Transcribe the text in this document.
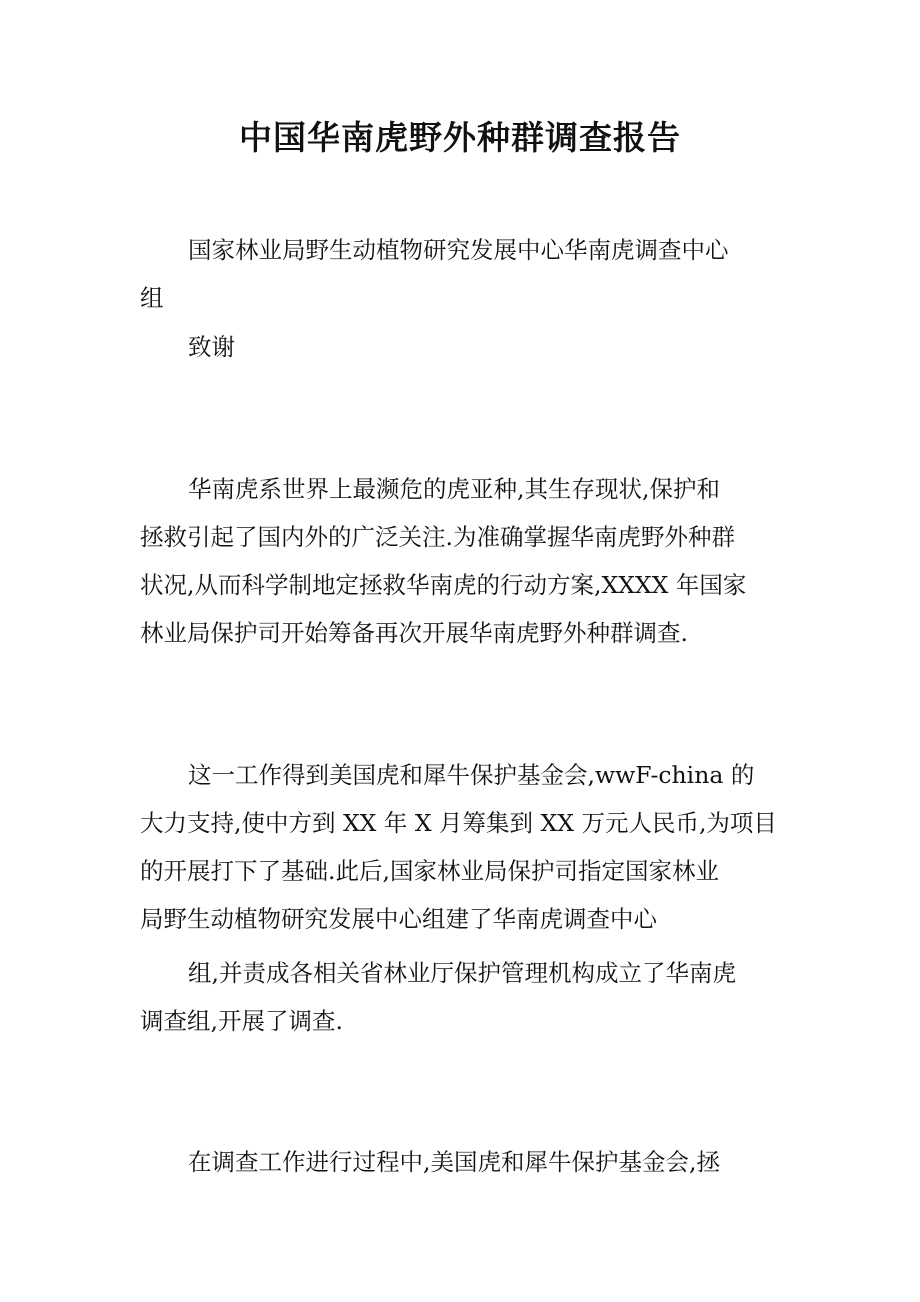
中国华南虎野外种群调查报告

国家林业局野生动植物研究发展中心华南虎调查中心
组

致谢

华南虎系世界上最濒危的虎亚种,其生存现状,保护和
拯救引起了国内外的广泛关注.为准确掌握华南虎野外种群
状况,从而科学制地定拯救华南虎的行动方案,XXXX 年国家
林业局保护司开始筹备再次开展华南虎野外种群调查.

这一工作得到美国虎和犀牛保护基金会,wwF-china 的
大力支持,使中方到 XX 年 X 月筹集到 XX 万元人民币,为项目
的开展打下了基础.此后,国家林业局保护司指定国家林业
局野生动植物研究发展中心组建了华南虎调查中心

组,并责成各相关省林业厅保护管理机构成立了华南虎
调查组,开展了调查.

在调查工作进行过程中,美国虎和犀牛保护基金会,拯
